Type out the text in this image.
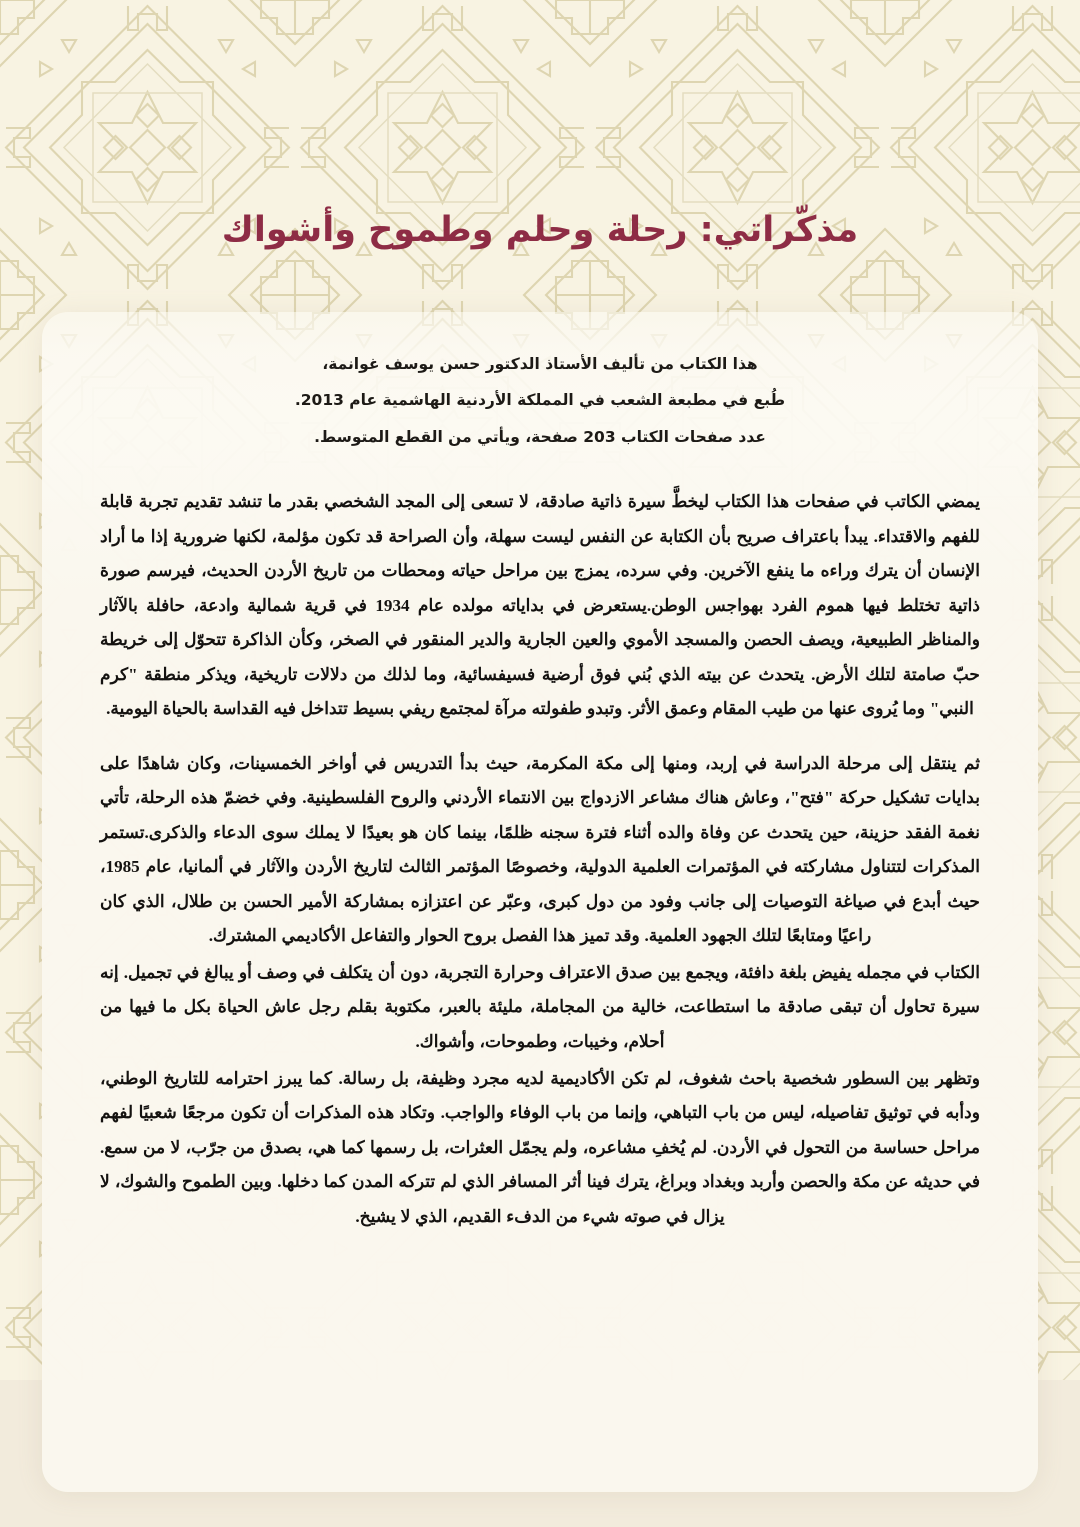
مذكّراتي: رحلة وحلم وطموح وأشواك

هذا الكتاب من تأليف الأستاذ الدكتور حسن يوسف غوانمة،

طُبع في مطبعة الشعب في المملكة الأردنية الهاشمية عام 2013.

عدد صفحات الكتاب 203 صفحة، ويأتي من القطع المتوسط.

يمضي الكاتب في صفحات هذا الكتاب ليخطَّ سيرة ذاتية صادقة، لا تسعى إلى المجد الشخصي بقدر ما تنشد تقديم تجربة قابلة للفهم والاقتداء. يبدأ باعتراف صريح بأن الكتابة عن النفس ليست سهلة، وأن الصراحة قد تكون مؤلمة، لكنها ضرورية إذا ما أراد الإنسان أن يترك وراءه ما ينفع الآخرين. وفي سرده، يمزج بين مراحل حياته ومحطات من تاريخ الأردن الحديث، فيرسم صورة ذاتية تختلط فيها هموم الفرد بهواجس الوطن.يستعرض في بداياته مولده عام 1934 في قرية شمالية وادعة، حافلة بالآثار والمناظر الطبيعية، ويصف الحصن والمسجد الأموي والعين الجارية والدير المنقور في الصخر، وكأن الذاكرة تتحوّل إلى خريطة حبّ صامتة لتلك الأرض. يتحدث عن بيته الذي بُني فوق أرضية فسيفسائية، وما لذلك من دلالات تاريخية، ويذكر منطقة "كرم النبي" وما يُروى عنها من طيب المقام وعمق الأثر. وتبدو طفولته مرآة لمجتمع ريفي بسيط تتداخل فيه القداسة بالحياة اليومية.

ثم ينتقل إلى مرحلة الدراسة في إربد، ومنها إلى مكة المكرمة، حيث بدأ التدريس في أواخر الخمسينات، وكان شاهدًا على بدايات تشكيل حركة "فتح"، وعاش هناك مشاعر الازدواج بين الانتماء الأردني والروح الفلسطينية. وفي خضمّ هذه الرحلة، تأتي نغمة الفقد حزينة، حين يتحدث عن وفاة والده أثناء فترة سجنه ظلمًا، بينما كان هو بعيدًا لا يملك سوى الدعاء والذكرى.تستمر المذكرات لتتناول مشاركته في المؤتمرات العلمية الدولية، وخصوصًا المؤتمر الثالث لتاريخ الأردن والآثار في ألمانيا، عام 1985، حيث أبدع في صياغة التوصيات إلى جانب وفود من دول كبرى، وعبّر عن اعتزازه بمشاركة الأمير الحسن بن طلال، الذي كان راعيًا ومتابعًا لتلك الجهود العلمية. وقد تميز هذا الفصل بروح الحوار والتفاعل الأكاديمي المشترك.

الكتاب في مجمله يفيض بلغة دافئة، ويجمع بين صدق الاعتراف وحرارة التجربة، دون أن يتكلف في وصف أو يبالغ في تجميل. إنه سيرة تحاول أن تبقى صادقة ما استطاعت، خالية من المجاملة، مليئة بالعبر، مكتوبة بقلم رجل عاش الحياة بكل ما فيها من أحلام، وخيبات، وطموحات، وأشواك.

وتظهر بين السطور شخصية باحث شغوف، لم تكن الأكاديمية لديه مجرد وظيفة، بل رسالة. كما يبرز احترامه للتاريخ الوطني، ودأبه في توثيق تفاصيله، ليس من باب التباهي، وإنما من باب الوفاء والواجب. وتكاد هذه المذكرات أن تكون مرجعًا شعبيًا لفهم مراحل حساسة من التحول في الأردن. لم يُخفِ مشاعره، ولم يجمّل العثرات، بل رسمها كما هي، بصدق من جرّب، لا من سمع. في حديثه عن مكة والحصن وأربد وبغداد وبراغ، يترك فينا أثر المسافر الذي لم تتركه المدن كما دخلها. وبين الطموح والشوك، لا يزال في صوته شيء من الدفء القديم، الذي لا يشيخ.
